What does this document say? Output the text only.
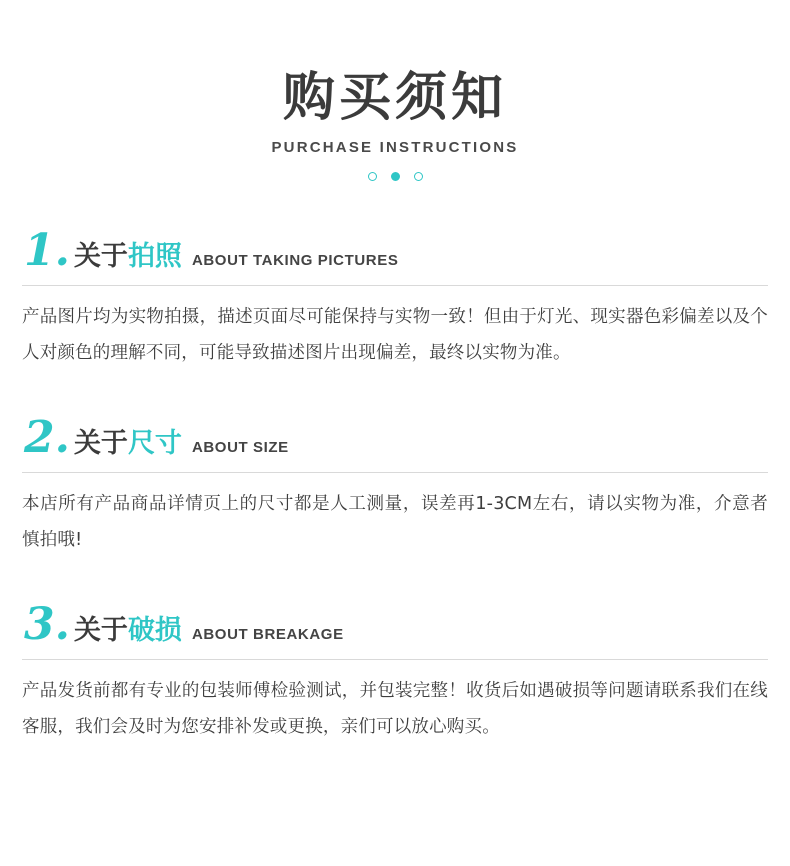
购买须知
PURCHASE INSTRUCTIONS
1. 关于 拍照 ABOUT TAKING PICTURES
产品图片均为实物拍摄，描述页面尽可能保持与实物一致！但由于灯光、现实器色彩偏差以及个人对颜色的理解不同，可能导致描述图片出现偏差，最终以实物为准。
2. 关于 尺寸 ABOUT SIZE
本店所有产品商品详情页上的尺寸都是人工测量，误差再1-3CM左右，请以实物为准，介意者慎拍哦!
3. 关于 破损 ABOUT BREAKAGE
产品发货前都有专业的包装师傅检验测试，并包装完整！收货后如遇破损等问题请联系我们在线客服，我们会及时为您安排补发或更换，亲们可以放心购买。
